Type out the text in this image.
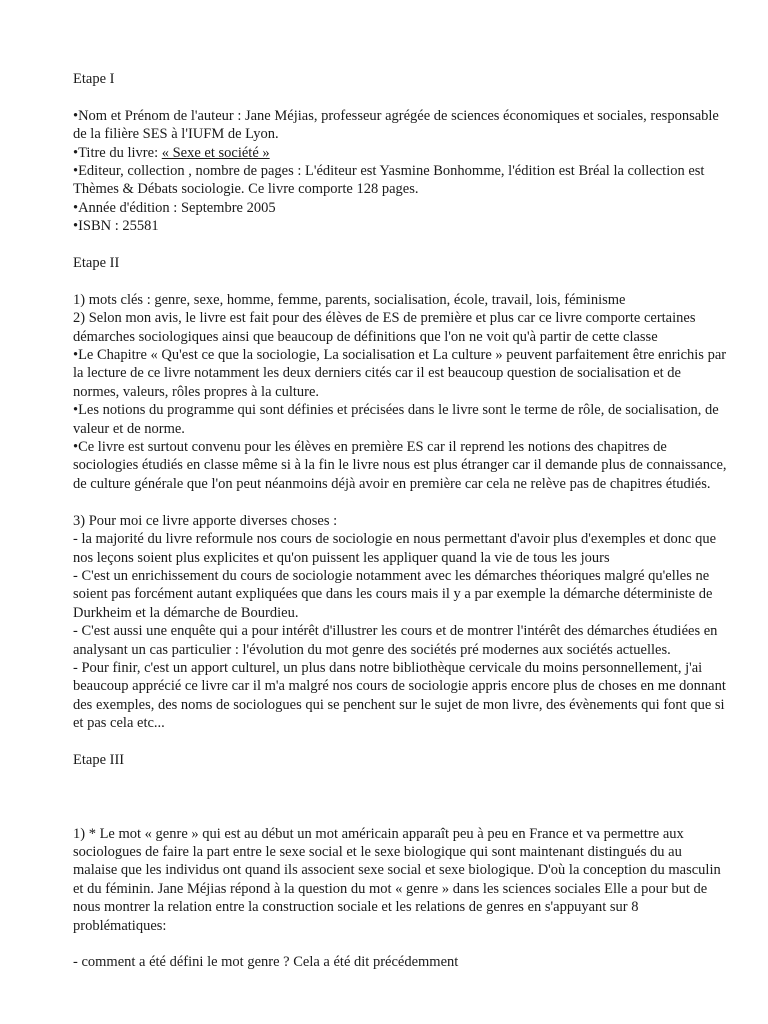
Etape I

•Nom et Prénom de l'auteur : Jane Méjias, professeur agrégée de sciences économiques et sociales, responsable de la filière SES à l'IUFM de Lyon.

•Titre du livre: « Sexe et société »

•Editeur, collection , nombre de pages : L'éditeur est Yasmine Bonhomme, l'édition est Bréal la collection est Thèmes & Débats sociologie. Ce livre comporte 128 pages.

•Année d'édition : Septembre 2005

•ISBN : 25581

Etape II

1) mots clés : genre, sexe, homme, femme, parents, socialisation, école, travail, lois, féminisme

2) Selon mon avis, le livre est fait pour des élèves de ES de première et plus car ce livre comporte certaines démarches sociologiques ainsi que beaucoup de définitions que l'on ne voit qu'à partir de cette classe

•Le Chapitre « Qu'est ce que la sociologie, La socialisation et La culture » peuvent parfaitement être enrichis par la lecture de ce livre notamment les deux derniers cités car il est beaucoup question de socialisation et de normes, valeurs, rôles propres à la culture.

•Les notions du programme qui sont définies et précisées dans le livre sont le terme de rôle, de socialisation, de valeur et de norme.

•Ce livre est surtout convenu pour les élèves en première ES car il reprend les notions des chapitres de sociologies étudiés en classe même si à la fin le livre nous est plus étranger car il demande plus de connaissance, de culture générale que l'on peut néanmoins déjà avoir en première car cela ne relève pas de chapitres étudiés.

3) Pour moi ce livre apporte diverses choses :

- la majorité du livre reformule nos cours de sociologie en nous permettant d'avoir plus d'exemples et donc que nos leçons soient plus explicites et qu'on puissent les appliquer quand la vie de tous les jours

- C'est un enrichissement du cours de sociologie notamment avec les démarches théoriques malgré qu'elles ne soient pas forcément autant expliquées que dans les cours mais il y a par exemple la démarche déterministe de Durkheim et la démarche de Bourdieu.

- C'est aussi une enquête qui a pour intérêt d'illustrer les cours et de montrer l'intérêt des démarches étudiées en analysant un cas particulier : l'évolution du mot genre des sociétés pré modernes aux sociétés actuelles.

- Pour finir, c'est un apport culturel, un plus dans notre bibliothèque cervicale du moins personnellement, j'ai beaucoup apprécié ce livre car il m'a malgré nos cours de sociologie appris encore plus de choses en me donnant des exemples, des noms de sociologues qui se penchent sur le sujet de mon livre, des évènements qui font que si et pas cela etc...

Etape III

1) * Le mot « genre » qui est au début un mot américain apparaît peu à peu en France et va permettre aux sociologues de faire la part entre le sexe social et le sexe biologique qui sont maintenant distingués du au malaise que les individus ont quand ils associent sexe social et sexe biologique. D'où la conception du masculin et du féminin. Jane Méjias répond à la question du mot « genre » dans les sciences sociales Elle a pour but de nous montrer la relation entre la construction sociale et les relations de genres en s'appuyant sur 8 problématiques:

- comment a été défini le mot genre ? Cela a été dit précédemment
